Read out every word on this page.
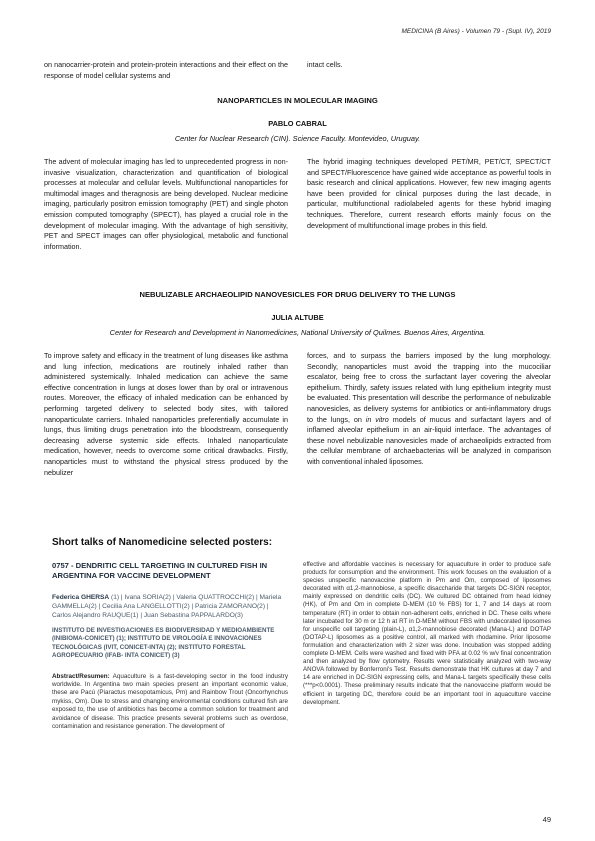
MEDICINA (B Aires) - Volumen 79 - (Supl. IV), 2019

on nanocarrier-protein and protein-protein interactions and their effect on the response of model cellular systems and

intact cells.

NANOPARTICLES IN MOLECULAR IMAGING
PABLO CABRAL
Center for Nuclear Research (CIN). Science Faculty. Montevideo, Uruguay.

The advent of molecular imaging has led to unprecedented progress in non-invasive visualization, characterization and quantification of biological processes at molecular and cellular levels. Multifunctional nanoparticles for multimodal images and theragnosis are being developed. Nuclear medicine imaging, particularly positron emission tomography (PET) and single photon emission computed tomography (SPECT), has played a crucial role in the development of molecular imaging. With the advantage of high sensitivity, PET and SPECT images can offer physiological, metabolic and functional information.

The hybrid imaging techniques developed PET/MR, PET/CT, SPECT/CT and SPECT/Fluorescence have gained wide acceptance as powerful tools in basic research and clinical applications. However, few new imaging agents have been provided for clinical purposes during the last decade, in particular, multifunctional radiolabeled agents for these hybrid imaging techniques. Therefore, current research efforts mainly focus on the development of multifunctional image probes in this field.

NEBULIZABLE ARCHAEOLIPID NANOVESICLES FOR DRUG DELIVERY TO THE LUNGS
JULIA ALTUBE
Center for Research and Development in Nanomedicines, National University of Quilmes. Buenos Aires, Argentina.

To improve safety and efficacy in the treatment of lung diseases like asthma and lung infection, medications are routinely inhaled rather than administered systemically. Inhaled medication can achieve the same effective concentration in lungs at doses lower than by oral or intravenous routes. Moreover, the efficacy of inhaled medication can be enhanced by performing targeted delivery to selected body sites, with tailored nanoparticulate carriers. Inhaled nanoparticles preferentially accumulate in lungs, thus limiting drugs penetration into the bloodstream, consequently decreasing adverse systemic side effects. Inhaled nanoparticulate medication, however, needs to overcome some critical drawbacks. Firstly, nanoparticles must to withstand the physical stress produced by the nebulizer

forces, and to surpass the barriers imposed by the lung morphology. Secondly, nanoparticles must avoid the trapping into the mucociliar escalator, being free to cross the surfactant layer covering the alveolar epithelium. Thirdly, safety issues related with lung epithelium integrity must be evaluated. This presentation will describe the performance of nebulizable nanovesicles, as delivery systems for antibiotics or anti-inflammatory drugs to the lungs, on in vitro models of mucus and surfactant layers and of inflamed alveolar epithelium in an air-liquid interface. The advantages of these novel nebulizable nanovesicles made of archaeolipids extracted from the cellular membrane of archaebacterias will be analyzed in comparison with conventional inhaled liposomes.

Short talks of Nanomedicine selected posters:
0757 - DENDRITIC CELL TARGETING IN CULTURED FISH IN ARGENTINA FOR VACCINE DEVELOPMENT
Federica GHERSA (1) | Ivana SORIA(2) | Valeria QUATTROCCHI(2) | Mariela GAMMELLA(2) | Cecilia Ana LANGELLOTTI(2) | Patricia ZAMORANO(2) | Carlos Alejandro RAUQUE(1) | Juan Sebastina PAPPALARDO(3)
INSTITUTO DE INVESTIGACIONES ES BIODIVERSIDAD Y MEDIOAMBIENTE (INIBIOMA-CONICET) (1); INSTITUTO DE VIROLOGÍA E INNOVACIONES TECNOLÓGICAS (IVIT, CONICET-INTA) (2); INSTITUTO FORESTAL AGROPECUARIO (IFAB- INTA CONICET) (3)
Abstract/Resumen: Aquaculture is a fast-developing sector in the food industry worldwide. In Argentina two main species present an important economic value, these are Pacú (Piaractus mesopotamicus, Pm) and Rainbow Trout (Oncorhynchus mykiss, Om). Due to stress and changing environmental conditions cultured fish are exposed to, the use of antibiotics has become a common solution for treatment and avoidance of disease. This practice presents several problems such as overdose, contamination and resistance generation. The development of

effective and affordable vaccines is necessary for aquaculture in order to produce safe products for consumption and the environment. This work focuses on the evaluation of a species unspecific nanovaccine platform in Pm and Om, composed of liposomes decorated with α1,2-mannobiose, a specific disaccharide that targets DC-SIGN receptor, mainly expressed on dendritic cells (DC). We cultured DC obtained from head kidney (HK), of Pm and Om in complete D-MEM (10 % FBS) for 1, 7 and 14 days at room temperature (RT) in order to obtain non-adherent cells, enriched in DC. These cells where later incubated for 30 m or 12 h at RT in D-MEM without FBS with undecorated liposomes for unspecific cell targeting (plain-L), α1,2-mannobiose decorated (Mana-L) and DOTAP (DOTAP-L) liposomes as a positive control, all marked with rhodamine. Prior liposome formulation and characterization with 2 sizer was done. Incubation was stopped adding complete D-MEM. Cells were washed and fixed with PFA at 0.02 % w/v final concentration and then analyzed by flow cytometry. Results were statistically analyzed with two-way ANOVA followed by Bonferroni's Test. Results demonstrate that HK cultures at day 7 and 14 are enriched in DC-SIGN expressing cells, and Mana-L targets specifically these cells (***p<0.0001). These preliminary results indicate that the nanovaccine platform would be efficient in targeting DC, therefore could be an important tool in aquaculture vaccine development.

49
